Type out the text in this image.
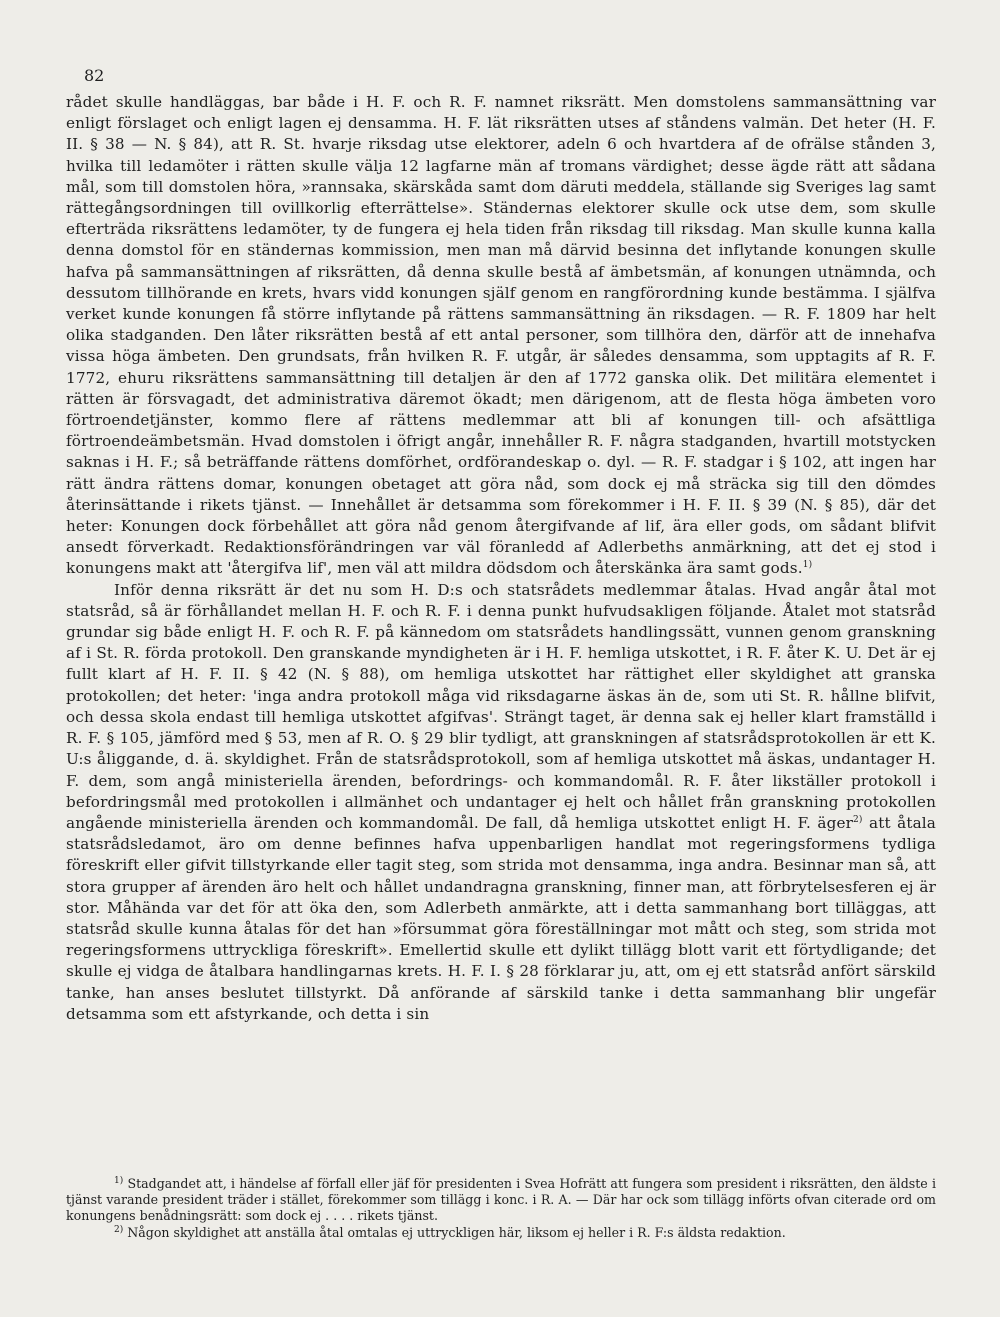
82

rådet skulle handläggas, bar både i H. F. och R. F. namnet riksrätt. Men domstolens sammansättning var enligt förslaget och enligt lagen ej densamma. H. F. lät riksrätten utses af ståndens valmän. Det heter (H. F. II. § 38 — N. § 84), att R. St. hvarje riksdag utse elektorer, adeln 6 och hvartdera af de ofrälse stånden 3, hvilka till ledamöter i rätten skulle välja 12 lagfarne män af tromans värdighet; desse ägde rätt att sådana mål, som till domstolen höra, »rannsaka, skärskåda samt dom däruti meddela, ställande sig Sveriges lag samt rättegångsordningen till ovillkorlig efterrättelse». Ständernas elektorer skulle ock utse dem, som skulle efterträda riksrättens ledamöter, ty de fungera ej hela tiden från riksdag till riksdag. Man skulle kunna kalla denna domstol för en ständernas kommission, men man må därvid besinna det inflytande konungen skulle hafva på sammansättningen af riksrätten, då denna skulle bestå af ämbetsmän, af konungen utnämnda, och dessutom tillhörande en krets, hvars vidd konungen själf genom en rangförordning kunde bestämma. I själfva verket kunde konungen få större inflytande på rättens sammansättning än riksdagen. — R. F. 1809 har helt olika stadganden. Den låter riksrätten bestå af ett antal personer, som tillhöra den, därför att de innehafva vissa höga ämbeten. Den grundsats, från hvilken R. F. utgår, är således densamma, som upptagits af R. F. 1772, ehuru riksrättens sammansättning till detaljen är den af 1772 ganska olik. Det militära elementet i rätten är försvagadt, det administrativa däremot ökadt; men därigenom, att de flesta höga ämbeten voro förtroendetjänster, kommo flere af rättens medlemmar att bli af konungen till- och afsättliga förtroendeämbetsmän. Hvad domstolen i öfrigt angår, innehåller R. F. några stadganden, hvartill motstycken saknas i H. F.; så beträffande rättens domförhet, ordförandeskap o. dyl. — R. F. stadgar i § 102, att ingen har rätt ändra rättens domar, konungen obetaget att göra nåd, som dock ej må sträcka sig till den dömdes återinsättande i rikets tjänst. — Innehållet är detsamma som förekommer i H. F. II. § 39 (N. § 85), där det heter: Konungen dock förbehållet att göra nåd genom återgifvande af lif, ära eller gods, om sådant blifvit ansedt förverkadt. Redaktionsförändringen var väl föranledd af Adlerbeths anmärkning, att det ej stod i konungens makt att 'återgifva lif', men väl att mildra dödsdom och återskänka ära samt gods.$^{1)}$

Inför denna riksrätt är det nu som H. D:s och statsrådets medlemmar åtalas. Hvad angår åtal mot statsråd, så är förhållandet mellan H. F. och R. F. i denna punkt hufvudsakligen följande. Åtalet mot statsråd grundar sig både enligt H. F. och R. F. på kännedom om statsrådets handlingssätt, vunnen genom granskning af i St. R. förda protokoll. Den granskande myndigheten är i H. F. hemliga utskottet, i R. F. åter K. U. Det är ej fullt klart af H. F. II. § 42 (N. § 88), om hemliga utskottet har rättighet eller skyldighet att granska protokollen; det heter: 'inga andra protokoll måga vid riksdagarne äskas än de, som uti St. R. hållne blifvit, och dessa skola endast till hemliga utskottet afgifvas'. Strängt taget, är denna sak ej heller klart framställd i R. F. § 105, jämförd med § 53, men af R. O. § 29 blir tydligt, att granskningen af statsrådsprotokollen är ett K. U:s åliggande, d. ä. skyldighet. Från de statsrådsprotokoll, som af hemliga utskottet må äskas, undantager H. F. dem, som angå ministeriella ärenden, befordrings- och kommandomål. R. F. åter likställer protokoll i befordringsmål med protokollen i allmänhet och undantager ej helt och hållet från granskning protokollen angående ministeriella ärenden och kommandomål. De fall, då hemliga utskottet enligt H. F. äger$^{2)}$ att åtala statsrådsledamot, äro om denne befinnes hafva uppenbarligen handlat mot regeringsformens tydliga föreskrift eller gifvit tillstyrkande eller tagit steg, som strida mot densamma, inga andra. Besinnar man så, att stora grupper af ärenden äro helt och hållet undandragna granskning, finner man, att förbrytelsesferen ej är stor. Måhända var det för att öka den, som Adlerbeth anmärkte, att i detta sammanhang bort tilläggas, att statsråd skulle kunna åtalas för det han »försummat göra föreställningar mot mått och steg, som strida mot regeringsformens uttryckliga föreskrift». Emellertid skulle ett dylikt tillägg blott varit ett förtydligande; det skulle ej vidga de åtalbara handlingarnas krets. H. F. I. § 28 förklarar ju, att, om ej ett statsråd anfört särskild tanke, han anses beslutet tillstyrkt. Då anförande af särskild tanke i detta sammanhang blir ungefär detsamma som ett afstyrkande, och detta i sin

$^{1)}$ Stadgandet att, i händelse af förfall eller jäf för presidenten i Svea Hofrätt att fungera som president i riksrätten, den äldste i tjänst varande president träder i stället, förekommer som tillägg i konc. i R. A. — Där har ock som tillägg införts ofvan citerade ord om konungens benådningsrätt: som dock ej . . . . rikets tjänst.

$^{2)}$ Någon skyldighet att anställa åtal omtalas ej uttryckligen här, liksom ej heller i R. F:s äldsta redaktion.
